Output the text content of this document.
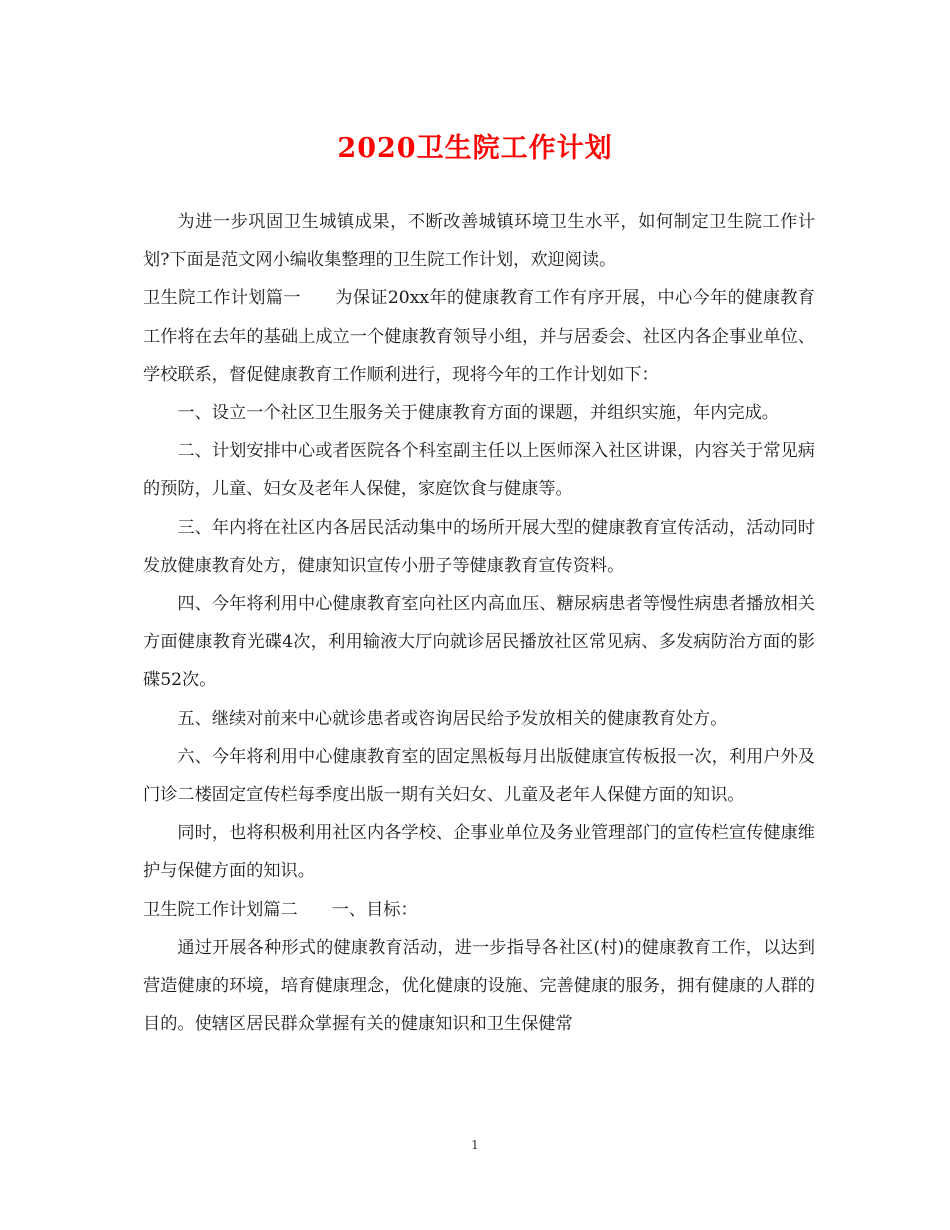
2020卫生院工作计划

为进一步巩固卫生城镇成果，不断改善城镇环境卫生水平，如何制定卫生院工作计划?下面是范文网小编收集整理的卫生院工作计划，欢迎阅读。

卫生院工作计划篇一 为保证20xx年的健康教育工作有序开展，中心今年的健康教育工作将在去年的基础上成立一个健康教育领导小组，并与居委会、社区内各企事业单位、学校联系，督促健康教育工作顺利进行，现将今年的工作计划如下：

一、设立一个社区卫生服务关于健康教育方面的课题，并组织实施，年内完成。

二、计划安排中心或者医院各个科室副主任以上医师深入社区讲课，内容关于常见病的预防，儿童、妇女及老年人保健，家庭饮食与健康等。

三、年内将在社区内各居民活动集中的场所开展大型的健康教育宣传活动，活动同时发放健康教育处方，健康知识宣传小册子等健康教育宣传资料。

四、今年将利用中心健康教育室向社区内高血压、糖尿病患者等慢性病患者播放相关方面健康教育光碟4次，利用输液大厅向就诊居民播放社区常见病、多发病防治方面的影碟52次。

五、继续对前来中心就诊患者或咨询居民给予发放相关的健康教育处方。

六、今年将利用中心健康教育室的固定黑板每月出版健康宣传板报一次，利用户外及门诊二楼固定宣传栏每季度出版一期有关妇女、儿童及老年人保健方面的知识。

同时，也将积极利用社区内各学校、企事业单位及务业管理部门的宣传栏宣传健康维护与保健方面的知识。

卫生院工作计划篇二 一、目标：

通过开展各种形式的健康教育活动，进一步指导各社区(村)的健康教育工作，以达到营造健康的环境，培育健康理念，优化健康的设施、完善健康的服务，拥有健康的人群的目的。使辖区居民群众掌握有关的健康知识和卫生保健常

1
